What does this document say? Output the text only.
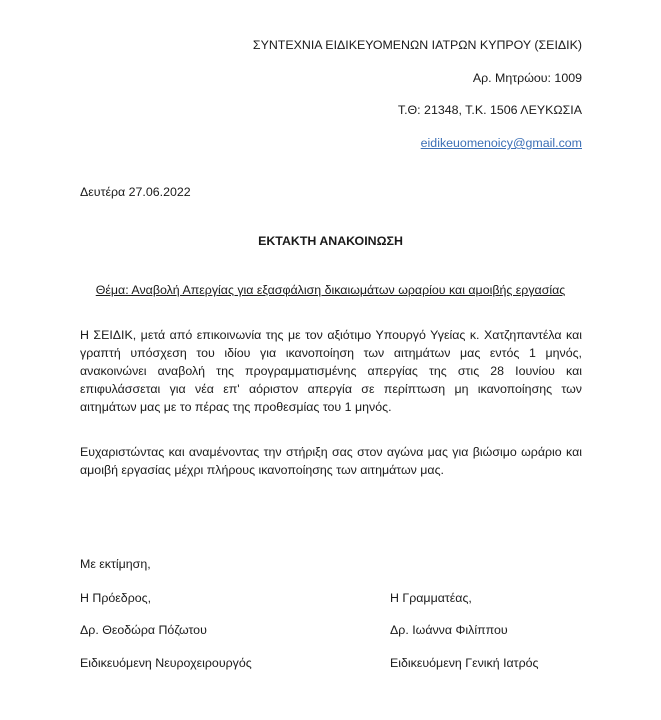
ΣΥΝΤΕΧΝΙΑ ΕΙΔΙΚΕΥΟΜΕΝΩΝ ΙΑΤΡΩΝ ΚΥΠΡΟΥ (ΣΕΙΔΙΚ)
Αρ. Μητρώου: 1009
Τ.Θ: 21348, Τ.Κ. 1506 ΛΕΥΚΩΣΙΑ
eidikeuomenoicy@gmail.com
Δευτέρα 27.06.2022
ΕΚΤΑΚΤΗ ΑΝΑΚΟΙΝΩΣΗ
Θέμα: Αναβολή Απεργίας για εξασφάλιση δικαιωμάτων ωραρίου και αμοιβής εργασίας
Η ΣΕΙΔΙΚ, μετά από επικοινωνία της με τον αξιότιμο Υπουργό Υγείας κ. Χατζηπαντέλα και γραπτή υπόσχεση του ιδίου για ικανοποίηση των αιτημάτων μας εντός 1 μηνός, ανακοινώνει αναβολή της προγραμματισμένης απεργίας της στις 28 Ιουνίου και επιφυλάσσεται για νέα επ' αόριστον απεργία σε περίπτωση μη ικανοποίησης των αιτημάτων μας με το πέρας της προθεσμίας του 1 μηνός.
Ευχαριστώντας και αναμένοντας την στήριξη σας στον αγώνα μας για βιώσιμο ωράριο και αμοιβή εργασίας μέχρι πλήρους ικανοποίησης των αιτημάτων μας.
Με εκτίμηση,
Η Πρόεδρος,
Δρ. Θεοδώρα Πόζωτου
Ειδικευόμενη Νευροχειρουργός
Η Γραμματέας,
Δρ. Ιωάννα Φιλίππου
Ειδικευόμενη Γενική Ιατρός
